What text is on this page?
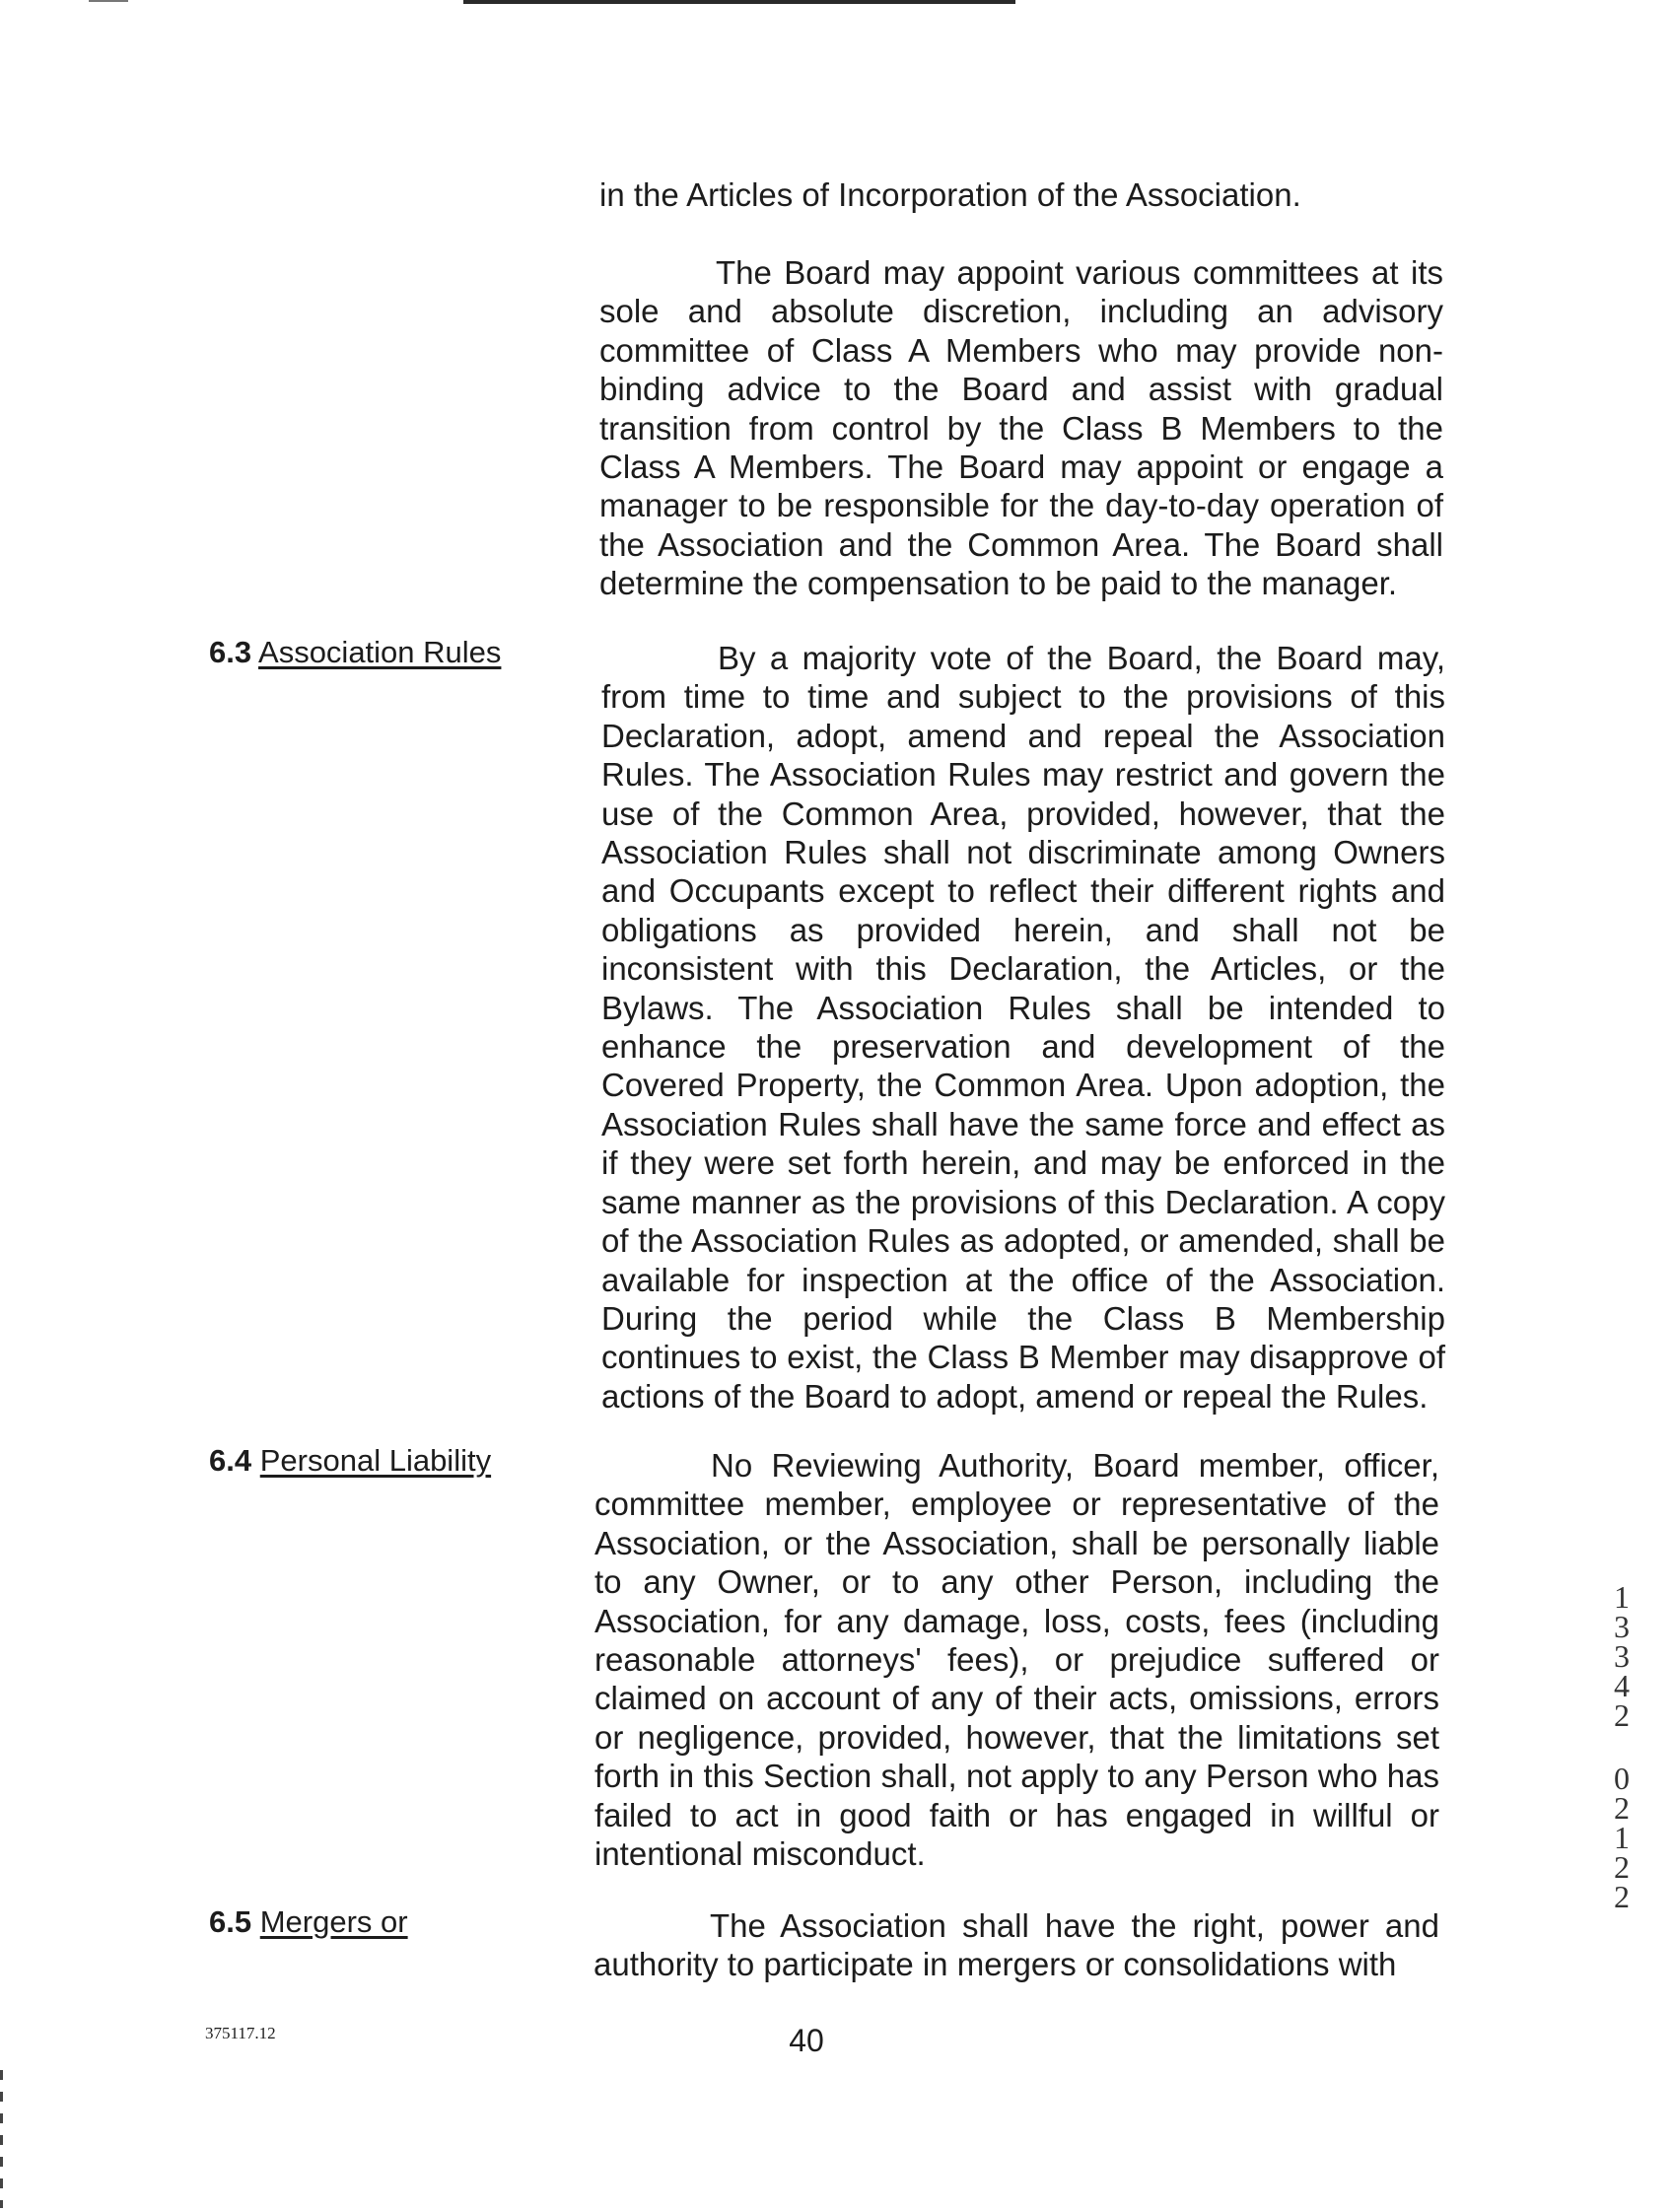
in the Articles of Incorporation of the Association.
The Board may appoint various committees at its sole and absolute discretion, including an advisory committee of Class A Members who may provide non-binding advice to the Board and assist with gradual transition from control by the Class B Members to the Class A Members. The Board may appoint or engage a manager to be responsible for the day-to-day operation of the Association and the Common Area. The Board shall determine the compensation to be paid to the manager.
6.3 Association Rules	By a majority vote of the Board, the Board may, from time to time and subject to the provisions of this Declaration, adopt, amend and repeal the Association Rules. The Association Rules may restrict and govern the use of the Common Area, provided, however, that the Association Rules shall not discriminate among Owners and Occupants except to reflect their different rights and obligations as provided herein, and shall not be inconsistent with this Declaration, the Articles, or the Bylaws. The Association Rules shall be intended to enhance the preservation and development of the Covered Property, the Common Area. Upon adoption, the Association Rules shall have the same force and effect as if they were set forth herein, and may be enforced in the same manner as the provisions of this Declaration. A copy of the Association Rules as adopted, or amended, shall be available for inspection at the office of the Association. During the period while the Class B Membership continues to exist, the Class B Member may disapprove of actions of the Board to adopt, amend or repeal the Rules.
6.4 Personal Liability	No Reviewing Authority, Board member, officer, committee member, employee or representative of the Association, or the Association, shall be personally liable to any Owner, or to any other Person, including the Association, for any damage, loss, costs, fees (including reasonable attorneys' fees), or prejudice suffered or claimed on account of any of their acts, omissions, errors or negligence, provided, however, that the limitations set forth in this Section shall, not apply to any Person who has failed to act in good faith or has engaged in willful or intentional misconduct.
6.5 Mergers or	The Association shall have the right, power and authority to participate in mergers or consolidations with
375117.12	40
1
3
3
4
2
0
2
1
2
2
